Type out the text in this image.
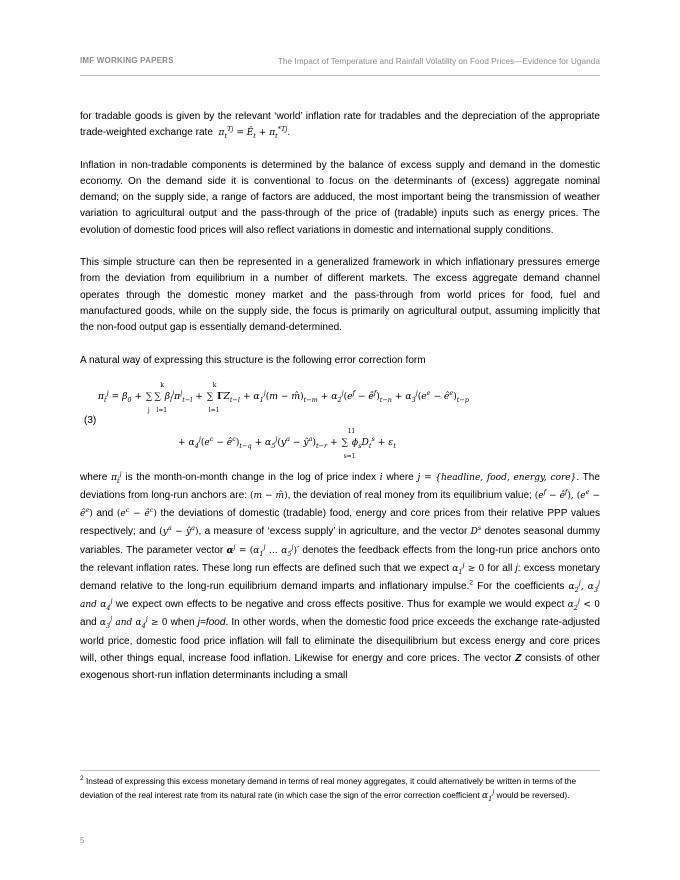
IMF WORKING PAPERS	The Impact of Temperature and Rainfall Volatility on Food Prices—Evidence for Uganda

for tradable goods is given by the relevant ‘world’ inflation rate for tradables and the depreciation of the appropriate trade-weighted exchange rate $\pi_t^{Tj}$ = $Ê_t + \pi_t^{*Tj}$.

Inflation in non-tradable components is determined by the balance of excess supply and demand in the domestic economy. On the demand side it is conventional to focus on the determinants of (excess) aggregate nominal demand; on the supply side, a range of factors are adduced, the most important being the transmission of weather variation to agricultural output and the pass-through of the price of (tradable) inputs such as energy prices. The evolution of domestic food prices will also reflect variations in domestic and international supply conditions.

This simple structure can then be represented in a generalized framework in which inflationary pressures emerge from the deviation from equilibrium in a number of different markets. The excess aggregate demand channel operates through the domestic money market and the pass-through from world prices for food, fuel and manufactured goods, while on the supply side, the focus is primarily on agricultural output, assuming implicitly that the non-food output gap is essentially demand-determined.

A natural way of expressing this structure is the following error correction form

(3)
$\pi_t^j = \beta_0$ + ∑
j
∑
k
l=1
$\beta_l^j\pi^j_{t-l}$ + ∑
k
l=1
$\Gamma Z_{t-l} + \alpha_1^j(m$ − $m̂)_{t-m} + \alpha_2^j(e^f$ − $ê^f)_{t-n} + \alpha_3^j(e^e$ − $ê^e)_{t-p}$
+ $\alpha_4^j(e^c$ − $ê^c)_{t-q} + \alpha_5^j(y^a$ − $ŷ^a)_{t-r}$ + ∑
11
s=1
$\phi_sD_t^s + \varepsilon_t$

where $\pi_t^j$ is the month-on-month change in the log of price index i where j = {headline, food, energy, core}. The deviations from long-run anchors are: (m − m̂), the deviation of real money from its equilibrium value; ($e^f$ − $ê^f$), ($e^e$ − $ê^e$) and ($e^c$ − $ê^c$) the deviations of domestic (tradable) food, energy and core prices from their relative PPP values respectively; and ($y^a$ − $ŷ^a$), a measure of ‘excess supply’ in agriculture, and the vector $D^s$ denotes seasonal dummy variables. The parameter vector $\alpha^j = (\alpha_1^j$ … $\alpha_5^j)'$ denotes the feedback effects from the long-run price anchors onto the relevant inflation rates. These long run effects are defined such that we expect $\alpha_1^j \ge 0$ for all j: excess monetary demand relative to the long-run equilibrium demand imparts and inflationary impulse.$^2$ For the coefficients $\alpha_2^j$, $\alpha_3^j$ and $\alpha_4^j$ we expect own effects to be negative and cross effects positive. Thus for example we would expect $\alpha_2^j < 0$ and $\alpha_3^j$ and $\alpha_4^j \ge 0$ when j=food. In other words, when the domestic food price exceeds the exchange rate-adjusted world price, domestic food price inflation will fall to eliminate the disequilibrium but excess energy and core prices will, other things equal, increase food inflation. Likewise for energy and core prices. The vector Z consists of other exogenous short-run inflation determinants including a small

$^2$ Instead of expressing this excess monetary demand in terms of real money aggregates, it could alternatively be written in terms of the deviation of the real interest rate from its natural rate (in which case the sign of the error correction coefficient $\alpha_1^j$ would be reversed).
5
